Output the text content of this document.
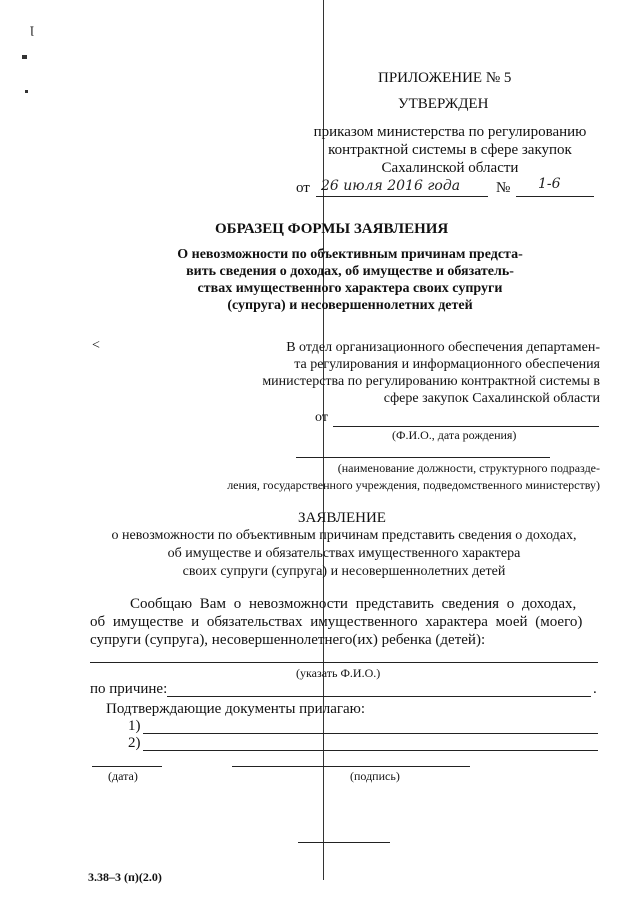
ꞁ
ПРИЛОЖЕНИЕ № 5
УТВЕРЖДЕН
приказом министерства по регулированию
контрактной системы в сфере закупок
Сахалинской области
от 26 июля 2016 года № 1-6
ОБРАЗЕЦ ФОРМЫ ЗАЯВЛЕНИЯ
О невозможности по объективным причинам предста-
вить сведения о доходах, об имуществе и обязатель-
ствах имущественного характера своих супруги
(супруга) и несовершеннолетних детей
<	В отдел организационного обеспечения департамен-
та регулирования и информационного обеспечения
министерства по регулированию контрактной системы в
сфере закупок Сахалинской области
от
(Ф.И.О., дата рождения)
(наименование должности, структурного подразде-
ления, государственного учреждения, подведомственного министерству)
ЗАЯВЛЕНИЕ
о невозможности по объективным причинам представить сведения о доходах,
об имуществе и обязательствах имущественного характера
своих супруги (супруга) и несовершеннолетних детей
Сообщаю Вам о невозможности представить сведения о доходах,
об имуществе и обязательствах имущественного характера моей (моего)
супруги (супруга), несовершеннолетнего(их) ребенка (детей):
(указать Ф.И.О.)
по причине:	.
Подтверждающие документы прилагаю:
1)
2)
(дата)	(подпись)
3.38–3 (п)(2.0)
